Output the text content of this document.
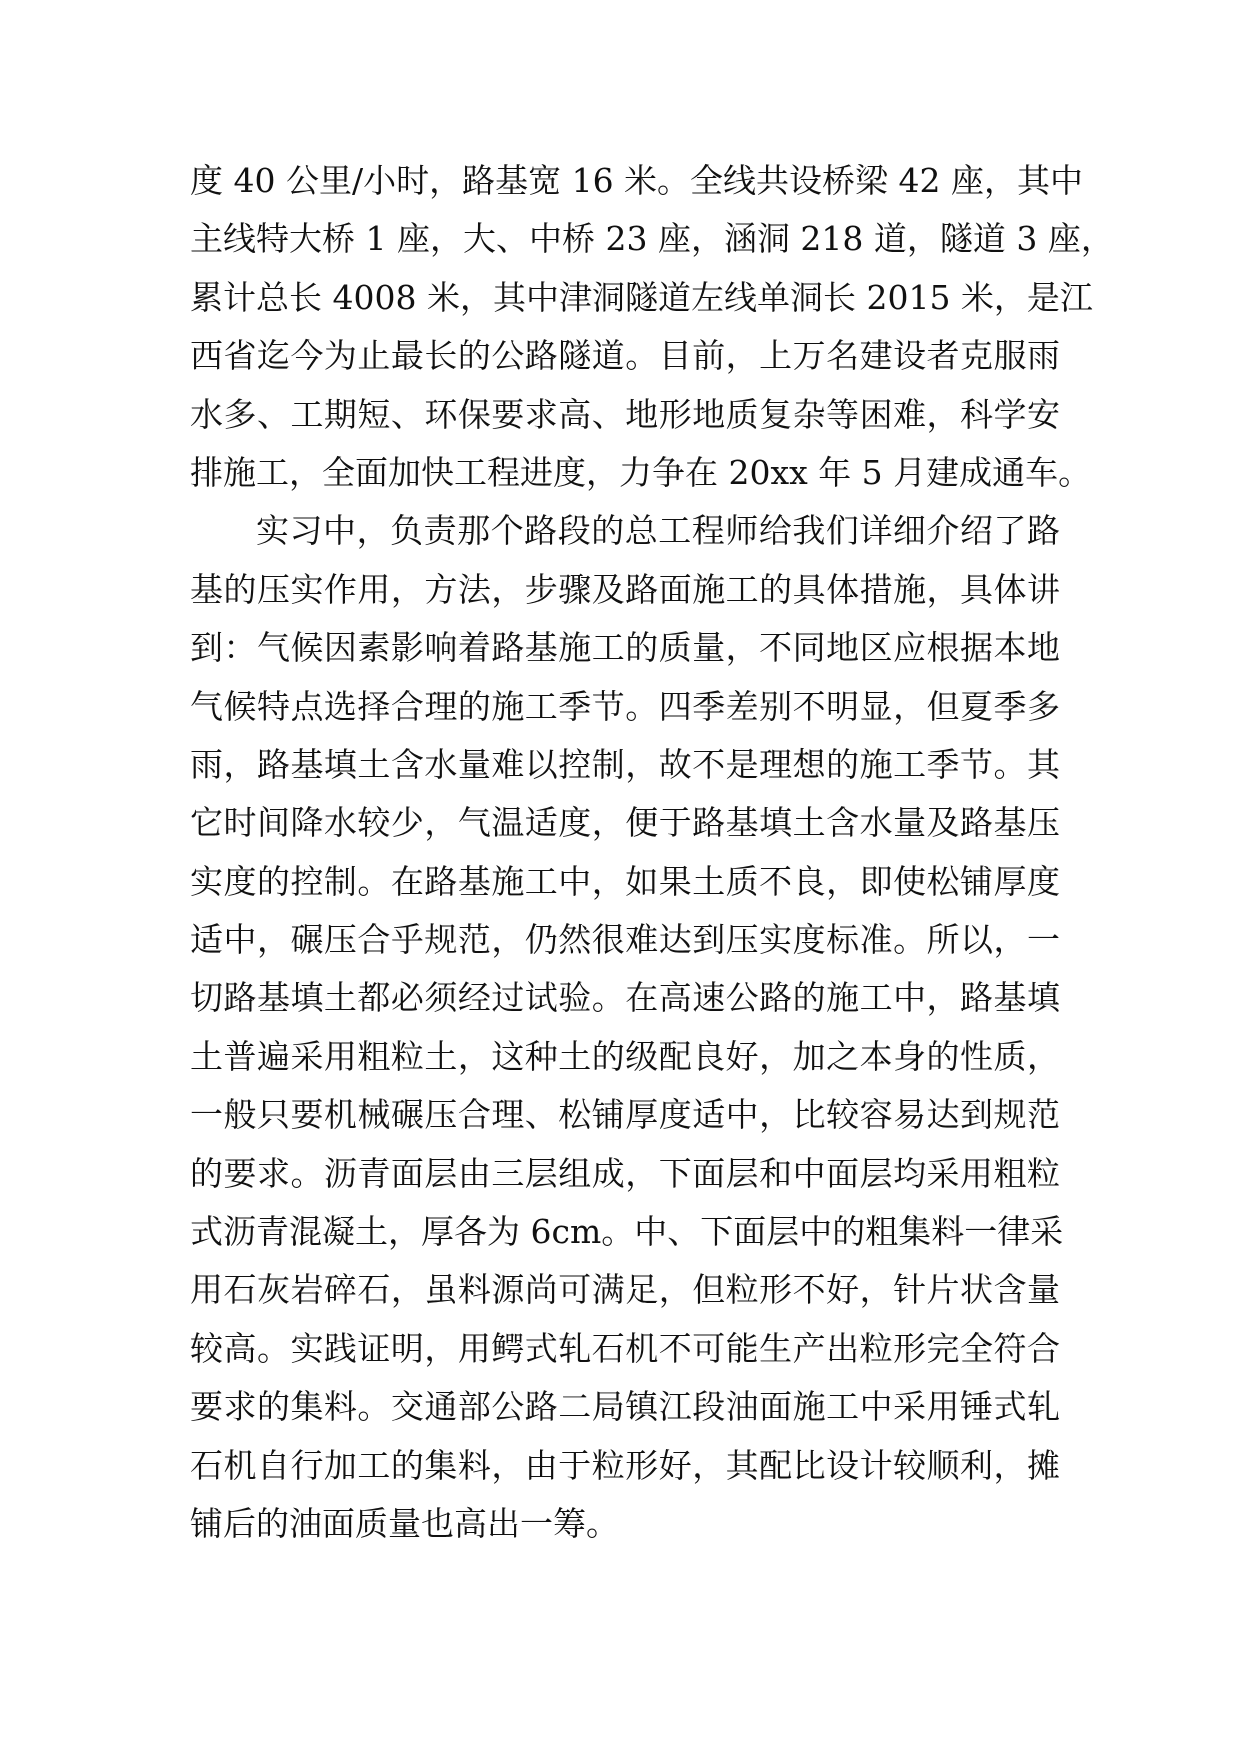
度 40 公里/小时，路基宽 16 米。全线共设桥梁 42 座，其中
主线特大桥 1 座，大、中桥 23 座，涵洞 218 道，隧道 3 座，
累计总长 4008 米，其中津洞隧道左线单洞长 2015 米，是江
西省迄今为止最长的公路隧道。目前，上万名建设者克服雨
水多、工期短、环保要求高、地形地质复杂等困难，科学安
排施工，全面加快工程进度，力争在 20xx 年 5 月建成通车。
实习中，负责那个路段的总工程师给我们详细介绍了路
基的压实作用，方法，步骤及路面施工的具体措施，具体讲
到：气候因素影响着路基施工的质量，不同地区应根据本地
气候特点选择合理的施工季节。四季差别不明显，但夏季多
雨，路基填土含水量难以控制，故不是理想的施工季节。其
它时间降水较少，气温适度，便于路基填土含水量及路基压
实度的控制。在路基施工中，如果土质不良，即使松铺厚度
适中，碾压合乎规范，仍然很难达到压实度标准。所以，一
切路基填土都必须经过试验。在高速公路的施工中，路基填
土普遍采用粗粒土，这种土的级配良好，加之本身的性质，
一般只要机械碾压合理、松铺厚度适中，比较容易达到规范
的要求。沥青面层由三层组成，下面层和中面层均采用粗粒
式沥青混凝土，厚各为 6cm。中、下面层中的粗集料一律采
用石灰岩碎石，虽料源尚可满足，但粒形不好，针片状含量
较高。实践证明，用鳄式轧石机不可能生产出粒形完全符合
要求的集料。交通部公路二局镇江段油面施工中采用锤式轧
石机自行加工的集料，由于粒形好，其配比设计较顺利，摊
铺后的油面质量也高出一筹。
